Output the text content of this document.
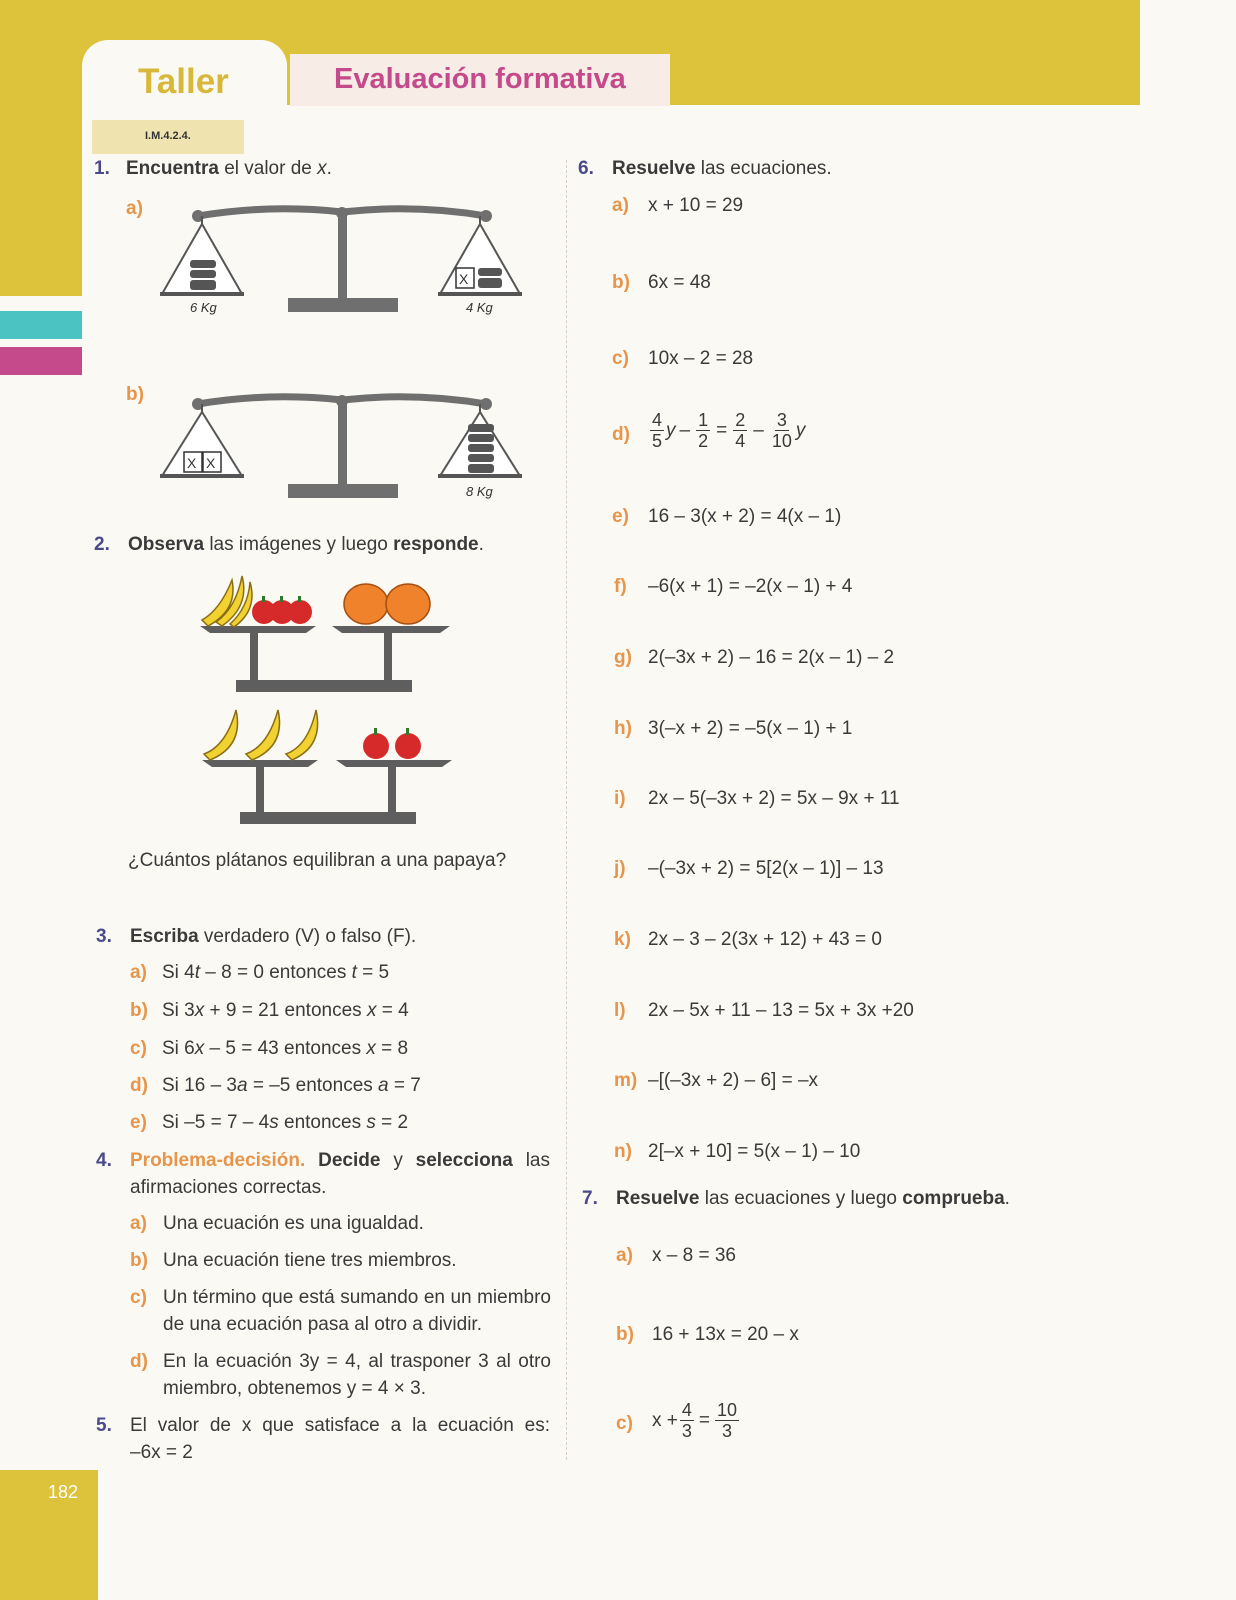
Taller	Evaluación formativa
I.M.4.2.4.
182
1. Encuentra el valor de x.
a)
b)
6 Kg
X
4 Kg
X X
8 Kg
2. Observa las imágenes y luego responde.
¿Cuántos plátanos equilibran a una papaya?
3. Escriba verdadero (V) o falso (F).
a) Si 4t – 8 = 0 entonces t = 5
b) Si 3x + 9 = 21 entonces x = 4
c) Si 6x – 5 = 43 entonces x = 8
d) Si 16 – 3a = –5 entonces a = 7
e) Si –5 = 7 – 4s entonces s = 2
4. Problema-decisión. Decide y selecciona las
afirmaciones correctas.
a) Una ecuación es una igualdad.
b) Una ecuación tiene tres miembros.
c) Un término que está sumando en un miembro
de una ecuación pasa al otro a dividir.
d) En la ecuación 3y = 4, al trasponer 3 al otro
miembro, obtenemos y = 4 × 3.
5. El valor de x que satisface a la ecuación es:
–6x = 2
6. Resuelve las ecuaciones.
a) x + 10 = 29
b) 6x = 48
c) 10x – 2 = 28
d)
e) 16 – 3(x + 2) = 4(x – 1)
f) –6(x + 1) = –2(x – 1) + 4
g) 2(–3x + 2) – 16 = 2(x – 1) – 2
h) 3(–x + 2) = –5(x – 1) + 1
i) 2x – 5(–3x + 2) = 5x – 9x + 11
j) –(–3x + 2) = 5[2(x – 1)] – 13
k) 2x – 3 – 2(3x + 12) + 43 = 0
l) 2x – 5x + 11 – 13 = 5x + 3x +20
m) –[(–3x + 2) – 6] = –x
n) 2[–x + 10] = 5(x – 1) – 10
$\frac{4}{5}$ $y - \frac{1}{2} = \frac{2}{4} - \frac{3}{10}$ y
7. Resuelve las ecuaciones y luego comprueba.
a) x – 8 = 36
b) 16 + 13x = 20 – x
c) $x + \frac{4}{3} = \frac{10}{3}$
